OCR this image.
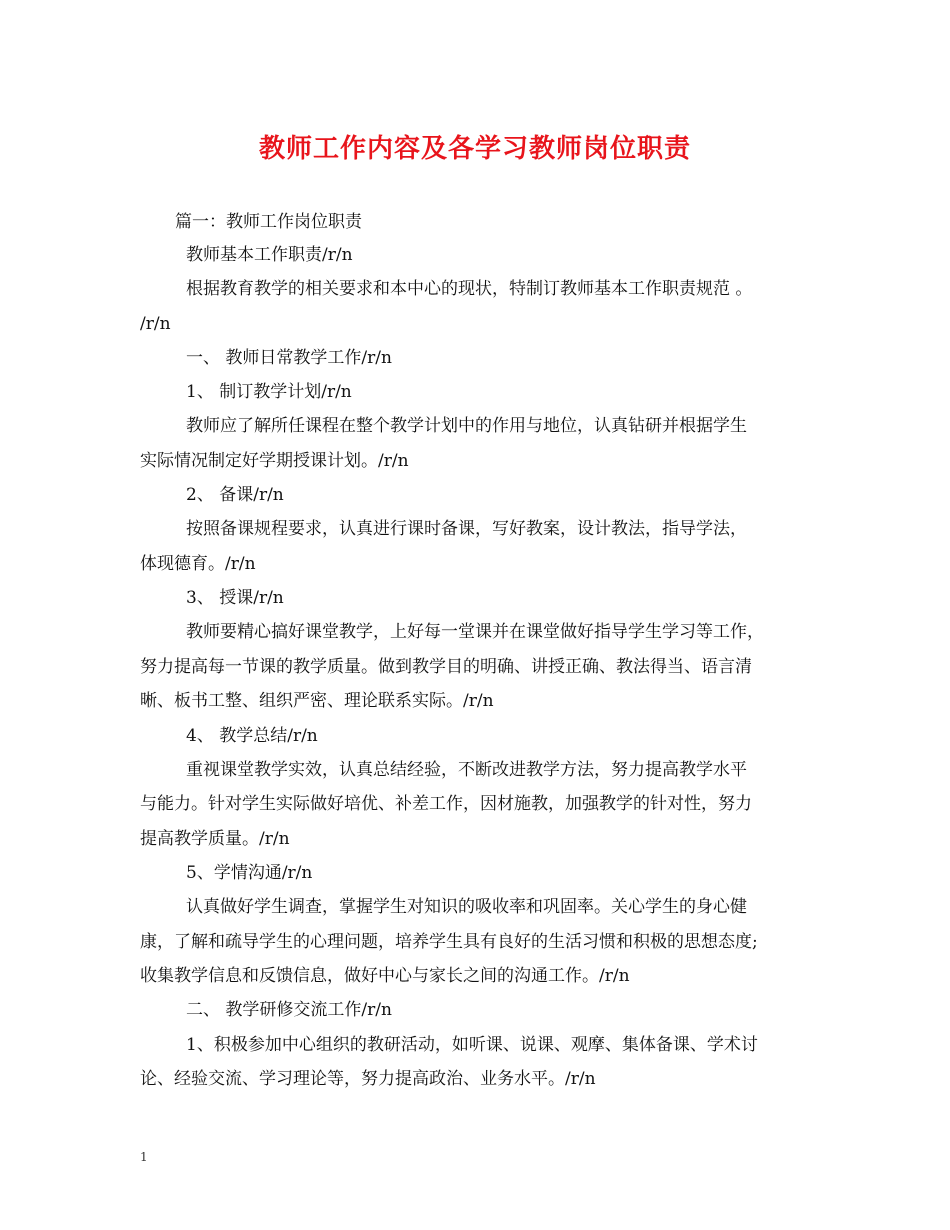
教师工作内容及各学习教师岗位职责

篇一：教师工作岗位职责

教师基本工作职责/r/n

根据教育教学的相关要求和本中心的现状，特制订教师基本工作职责规范 。

/r/n

一、 教师日常教学工作/r/n

1、 制订教学计划/r/n

教师应了解所任课程在整个教学计划中的作用与地位，认真钻研并根据学生

实际情况制定好学期授课计划。/r/n

2、 备课/r/n

按照备课规程要求，认真进行课时备课，写好教案，设计教法，指导学法，

体现德育。/r/n

3、 授课/r/n

教师要精心搞好课堂教学，上好每一堂课并在课堂做好指导学生学习等工作，

努力提高每一节课的教学质量。做到教学目的明确、讲授正确、教法得当、语言清

晰、板书工整、组织严密、理论联系实际。/r/n

4、 教学总结/r/n

重视课堂教学实效，认真总结经验，不断改进教学方法，努力提高教学水平

与能力。针对学生实际做好培优、补差工作，因材施教，加强教学的针对性，努力

提高教学质量。/r/n

5、学情沟通/r/n

认真做好学生调查，掌握学生对知识的吸收率和巩固率。关心学生的身心健

康，了解和疏导学生的心理问题，培养学生具有良好的生活习惯和积极的思想态度;

收集教学信息和反馈信息，做好中心与家长之间的沟通工作。/r/n

二、 教学研修交流工作/r/n

1、积极参加中心组织的教研活动，如听课、说课、观摩、集体备课、学术讨

论、经验交流、学习理论等，努力提高政治、业务水平。/r/n

1
